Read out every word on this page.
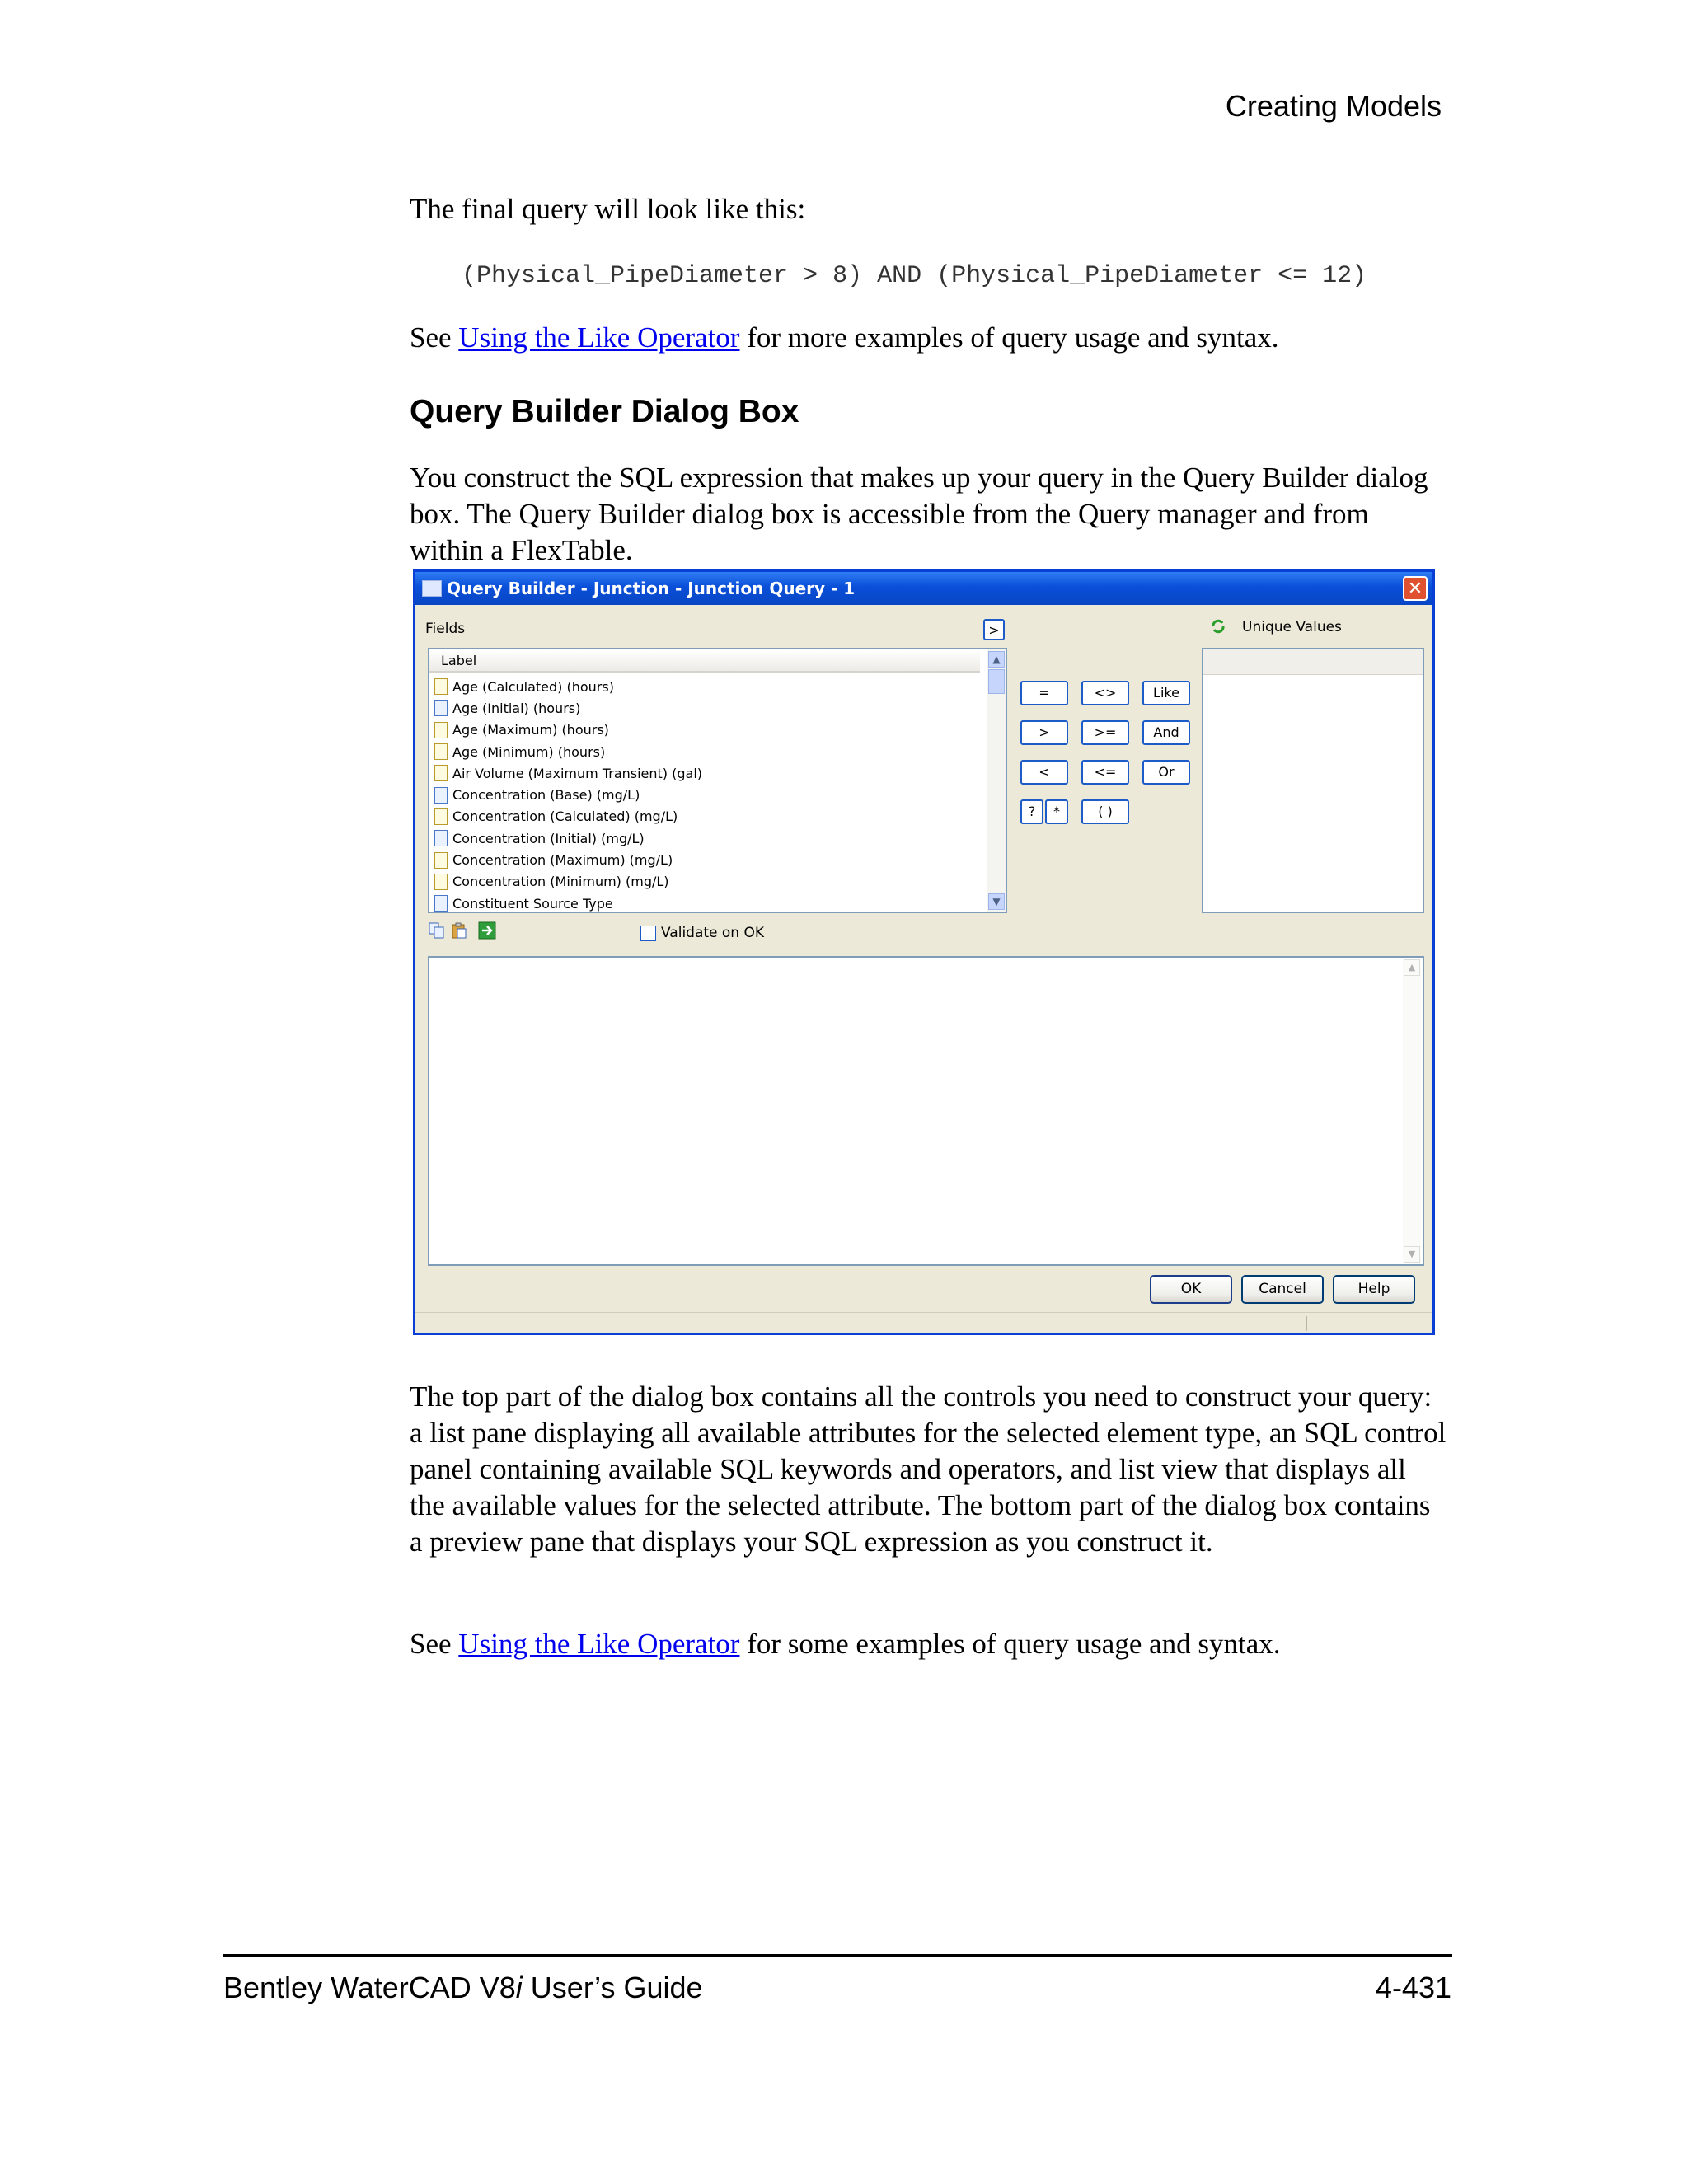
Creating Models
The final query will look like this:
(Physical_PipeDiameter > 8) AND (Physical_PipeDiameter <= 12)
See Using the Like Operator for more examples of query usage and syntax.
Query Builder Dialog Box
You construct the SQL expression that makes up your query in the Query Builder dialog box. The Query Builder dialog box is accessible from the Query manager and from within a FlexTable.
Query Builder - Junction - Junction Query - 1	✕
Fields	>	Unique Values
Label
Age (Calculated) (hours)
Age (Initial) (hours)
Age (Maximum) (hours)
Age (Minimum) (hours)
Air Volume (Maximum Transient) (gal)
Concentration (Base) (mg/L)
Concentration (Calculated) (mg/L)
Concentration (Initial) (mg/L)
Concentration (Maximum) (mg/L)
Concentration (Minimum) (mg/L)
Constituent Source Type
▲
▼
=	<>	Like
>	>=	And
<	<=	Or
?	*	( )
Validate on OK
▲
▼
OK	Cancel	Help
The top part of the dialog box contains all the controls you need to construct your query: a list pane displaying all available attributes for the selected element type, an SQL control panel containing available SQL keywords and operators, and list view that displays all the available values for the selected attribute. The bottom part of the dialog box contains a preview pane that displays your SQL expression as you construct it.
See Using the Like Operator for some examples of query usage and syntax.
Bentley WaterCAD V8i User’s Guide	4-431
